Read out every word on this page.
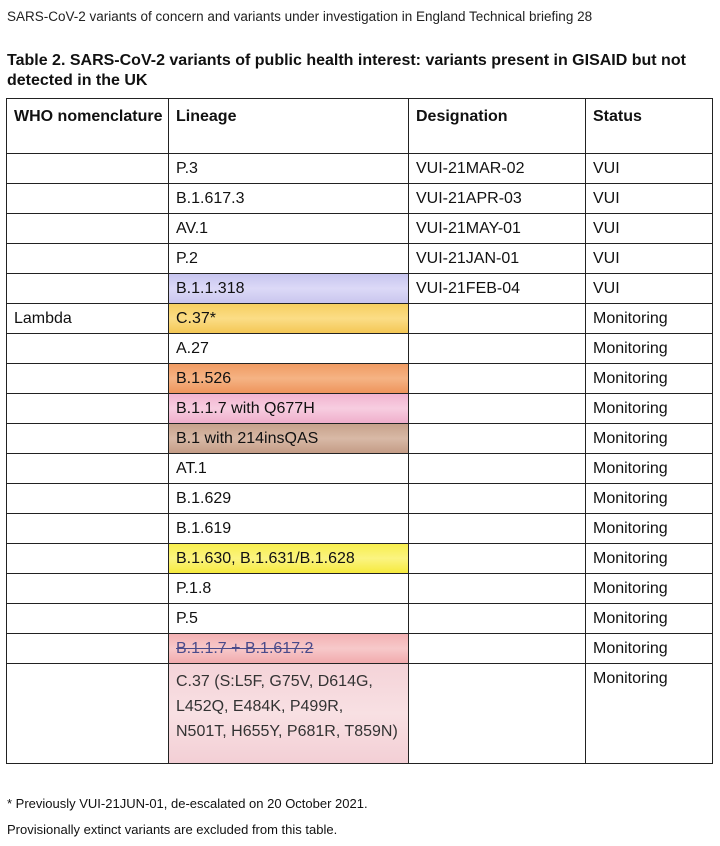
SARS-CoV-2 variants of concern and variants under investigation in England Technical briefing 28
Table 2. SARS-CoV-2 variants of public health interest: variants present in GISAID but not detected in the UK
WHO nomenclature	Lineage	Designation	Status

	P.3	VUI-21MAR-02	VUI

	B.1.617.3	VUI-21APR-03	VUI

	AV.1	VUI-21MAY-01	VUI

	P.2	VUI-21JAN-01	VUI

	B.1.1.318	VUI-21FEB-04	VUI
Lambda	C.37*		Monitoring

	A.27		Monitoring

	B.1.526		Monitoring

	B.1.1.7 with Q677H		Monitoring

	B.1 with 214insQAS		Monitoring

	AT.1		Monitoring

	B.1.629		Monitoring

	B.1.619		Monitoring

	B.1.630, B.1.631/B.1.628		Monitoring

	P.1.8		Monitoring

	P.5		Monitoring

	B.1.1.7 + B.1.617.2		Monitoring

	C.37 (S:L5F, G75V, D614G, L452Q, E484K, P499R, N501T, H655Y, P681R, T859N)		Monitoring
* Previously VUI-21JUN-01, de-escalated on 20 October 2021.
Provisionally extinct variants are excluded from this table.
